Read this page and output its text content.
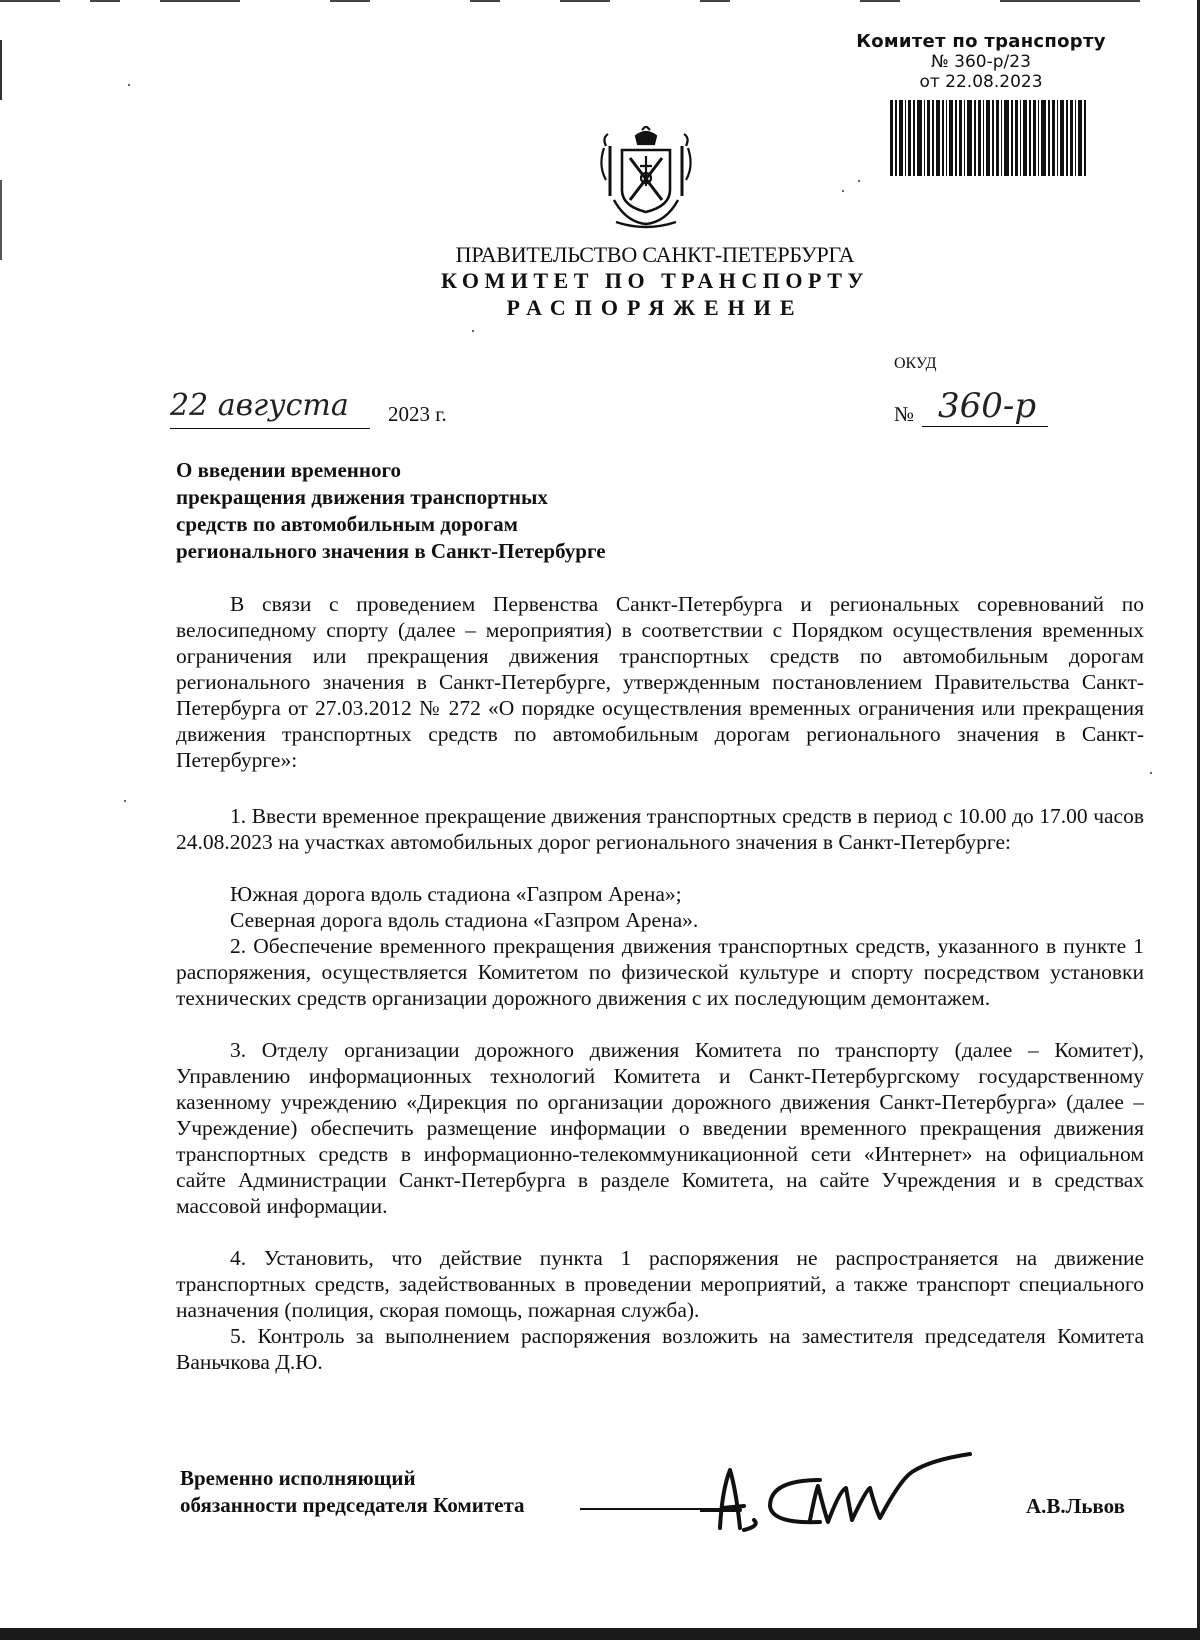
Комитет по транспорту
№ 360-р/23
от 22.08.2023
ПРАВИТЕЛЬСТВО САНКТ-ПЕТЕРБУРГА
КОМИТЕТ ПО ТРАНСПОРТУ
РАСПОРЯЖЕНИЕ
ОКУД
22 августа 2023 г.	№ 360-р
О введении временного
прекращения движения транспортных
средств по автомобильным дорогам
регионального значения в Санкт-Петербурге

В связи с проведением Первенства Санкт-Петербурга и региональных соревнований по велосипедному спорту (далее – мероприятия) в соответствии с Порядком осуществления временных ограничения или прекращения движения транспортных средств по автомобильным дорогам регионального значения в Санкт-Петербурге, утвержденным постановлением Правительства Санкт-Петербурга от 27.03.2012 № 272 «О порядке осуществления временных ограничения или прекращения движения транспортных средств по автомобильным дорогам регионального значения в Санкт-Петербурге»:

1. Ввести временное прекращение движения транспортных средств в период с 10.00 до 17.00 часов 24.08.2023 на участках автомобильных дорог регионального значения в Санкт-Петербурге:

Южная дорога вдоль стадиона «Газпром Арена»;
Северная дорога вдоль стадиона «Газпром Арена».

2. Обеспечение временного прекращения движения транспортных средств, указанного в пункте 1 распоряжения, осуществляется Комитетом по физической культуре и спорту посредством установки технических средств организации дорожного движения с их последующим демонтажем.

3. Отделу организации дорожного движения Комитета по транспорту (далее – Комитет), Управлению информационных технологий Комитета и Санкт-Петербургскому государственному казенному учреждению «Дирекция по организации дорожного движения Санкт-Петербурга» (далее – Учреждение) обеспечить размещение информации о введении временного прекращения движения транспортных средств в информационно-телекоммуникационной сети «Интернет» на официальном сайте Администрации Санкт-Петербурга в разделе Комитета, на сайте Учреждения и в средствах массовой информации.

4. Установить, что действие пункта 1 распоряжения не распространяется на движение транспортных средств, задействованных в проведении мероприятий, а также транспорт специального назначения (полиция, скорая помощь, пожарная служба).

5. Контроль за выполнением распоряжения возложить на заместителя председателя Комитета Ваньчкова Д.Ю.

Временно исполняющий
обязанности председателя Комитета	А.В.Львов
